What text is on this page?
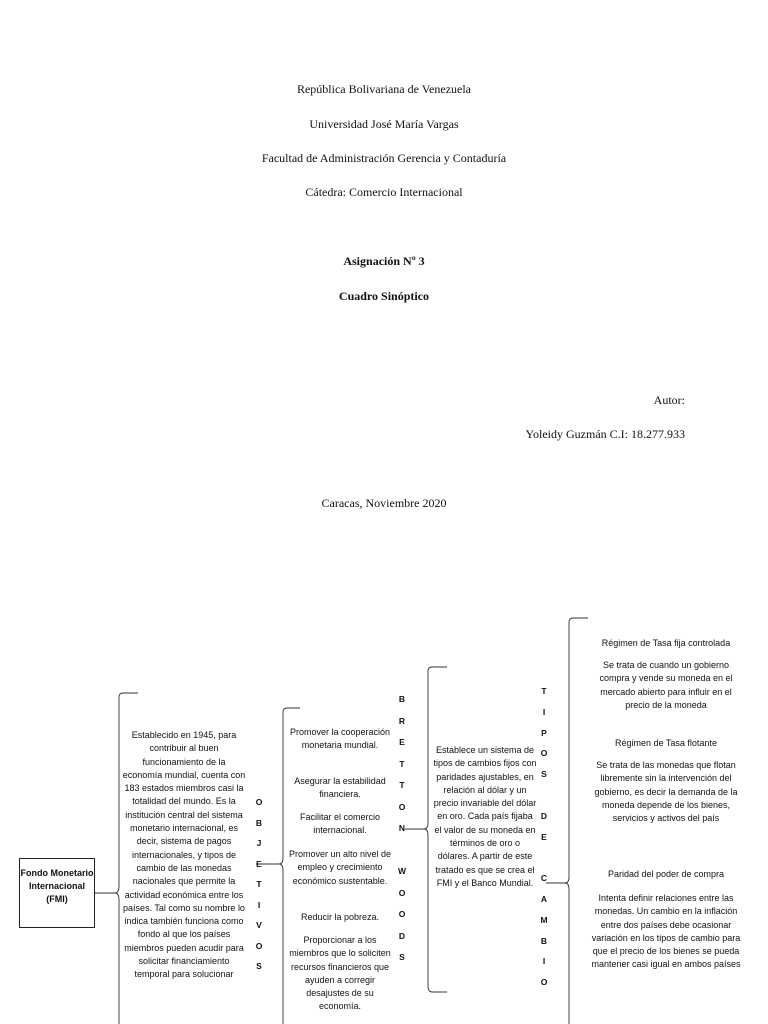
República Bolivariana de Venezuela
Universidad José María Vargas
Facultad de Administración Gerencia y Contaduría
Cátedra: Comercio Internacional
Asignación Nº 3
Cuadro Sinóptico
Autor:
Yoleidy Guzmán C.I: 18.277.933
Caracas, Noviembre 2020
Fondo Monetario Internacional (FMI)
Establecido en 1945, para contribuir al buen funcionamiento de la economía mundial, cuenta con 183 estados miembros casi la totalidad del mundo. Es la institución central del sistema monetario internacional, es decir, sistema de pagos internacionales, y tipos de cambio de las monedas nacionales que permite la actividad económica entre los países. Tal como su nombre lo indica también funciona como fondo al que los países miembros pueden acudir para solicitar financiamiento temporal para solucionar
O
B
J
E
T
I
V
O
S
Promover la cooperación monetaria mundial.
Asegurar la estabilidad financiera.
Facilitar el comercio internacional.
Promover un alto nivel de empleo y crecimiento económico sustentable.
Reducir la pobreza.
Proporcionar a los miembros que lo soliciten recursos financieros que ayuden a corregir desajustes de su economía.
B
R
E
T
T
O
N

W
O
O
D
S
Establece un sistema de tipos de cambios fijos con paridades ajustables, en relación al dólar y un precio invariable del dólar en oro. Cada país fijaba el valor de su moneda en términos de oro o dólares. A partir de este tratado es que se crea el FMI y el Banco Mundial.
T
I
P
O
S

D
E

C
A
M
B
I
O
Régimen de Tasa fija controlada
Se trata de cuando un gobierno compra y vende su moneda en el mercado abierto para influir en el precio de la moneda
Régimen de Tasa flotante
Se trata de las monedas que flotan libremente sin la intervención del gobierno, es decir la demanda de la moneda depende de los bienes, servicios y activos del país
Paridad del poder de compra
Intenta definir relaciones entre las monedas. Un cambio en la inflación entre dos países debe ocasionar variación en los tipos de cambio para que el precio de los bienes se pueda mantener casi igual en ambos países
